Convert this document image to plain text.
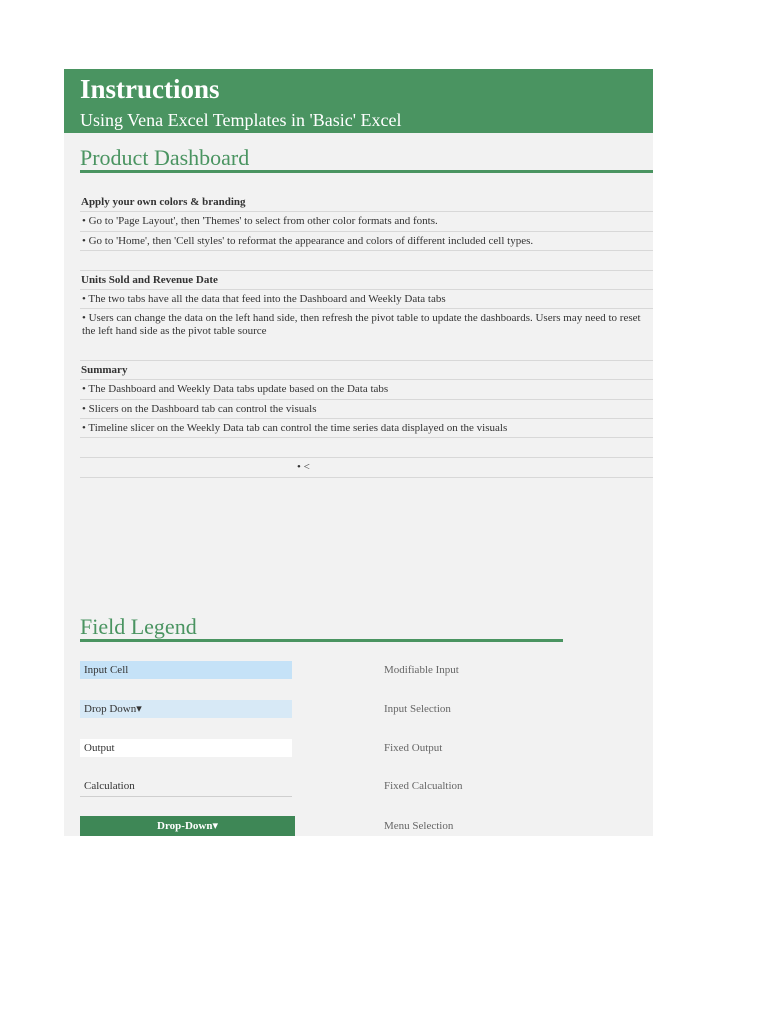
Instructions
Using Vena Excel Templates in 'Basic' Excel
Product Dashboard
Apply your own colors & branding
• Go to 'Page Layout', then 'Themes' to select from other color formats and fonts.
• Go to 'Home', then 'Cell styles' to reformat the appearance and colors of different included cell types.
Units Sold and Revenue Date
• The two tabs have all the data that feed into the Dashboard and Weekly Data tabs
• Users can change the data on the left hand side, then refresh the pivot table to update the dashboards. Users may need to reset the left hand side as the pivot table source
Summary
• The Dashboard and Weekly Data tabs update based on the Data tabs
• Slicers on the Dashboard tab can control the visuals
• Timeline slicer on the Weekly Data tab can control the time series data displayed on the visuals
• <
Field Legend
Input Cell	Modifiable Input
Drop Down▾	Input Selection
Output	Fixed Output
Calculation	Fixed Calcualtion
Drop-Down▾	Menu Selection
